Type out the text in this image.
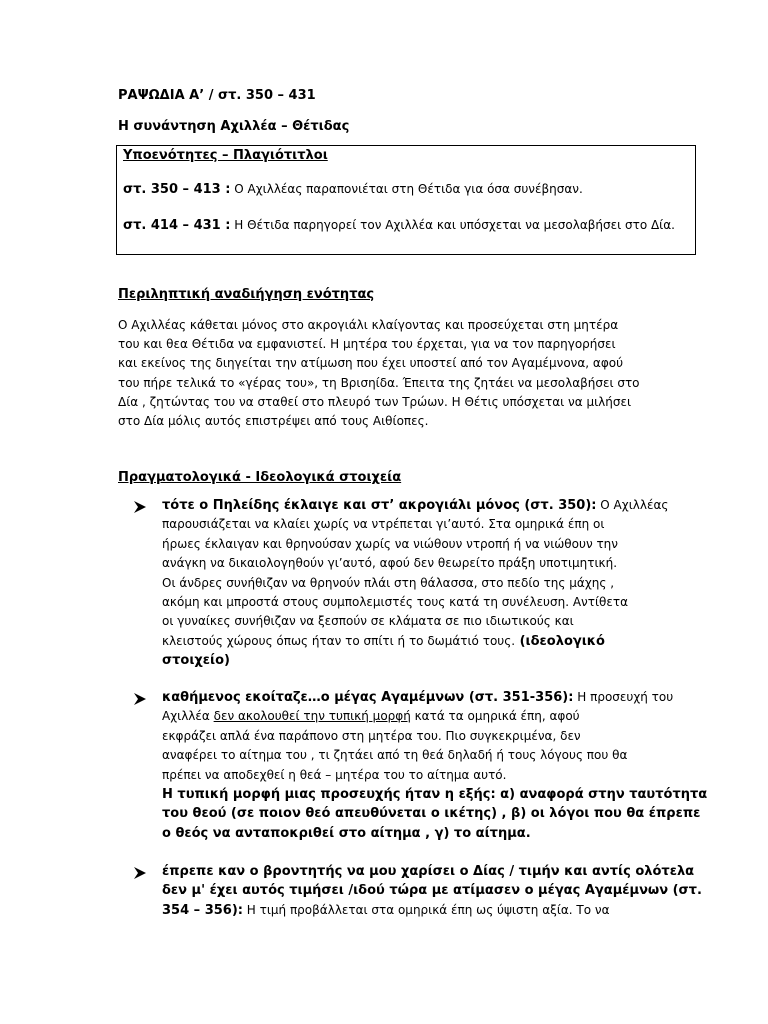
ΡΑΨΩΔΙΑ Α’ / στ. 350 – 431
Η συνάντηση Αχιλλέα – Θέτιδας
Υποενότητες – Πλαγιότιτλοι
στ. 350 – 413 : Ο Αχιλλέας παραπονιέται στη Θέτιδα για όσα συνέβησαν.
στ. 414 – 431 : Η Θέτιδα παρηγορεί τον Αχιλλέα και υπόσχεται να μεσολαβήσει στο Δία.
Περιληπτική αναδιήγηση ενότητας
Ο Αχιλλέας κάθεται μόνος στο ακρογιάλι κλαίγοντας και προσεύχεται στη μητέρα
του και θεα Θέτιδα να εμφανιστεί. Η μητέρα του έρχεται, για να τον παρηγορήσει
και εκείνος της διηγείται την ατίμωση που έχει υποστεί από τον Αγαμέμνονα, αφού
του πήρε τελικά το «γέρας του», τη Βρισηίδα. Έπειτα της ζητάει να μεσολαβήσει στο
Δία , ζητώντας του να σταθεί στο πλευρό των Τρώων. Η Θέτις υπόσχεται να μιλήσει
στο Δία μόλις αυτός επιστρέψει από τους Αιθίοπες.
Πραγματολογικά - Ιδεολογικά στοιχεία
τότε ο Πηλείδης έκλαιγε και στ’ ακρογιάλι μόνος (στ. 350): Ο Αχιλλέας
παρουσιάζεται να κλαίει χωρίς να ντρέπεται γι’αυτό. Στα ομηρικά έπη οι
ήρωες έκλαιγαν και θρηνούσαν χωρίς να νιώθουν ντροπή ή να νιώθουν την
ανάγκη να δικαιολογηθούν γι’αυτό, αφού δεν θεωρείτο πράξη υποτιμητική.
Οι άνδρες συνήθιζαν να θρηνούν πλάι στη θάλασσα, στο πεδίο της μάχης ,
ακόμη και μπροστά στους συμπολεμιστές τους κατά τη συνέλευση. Αντίθετα
οι γυναίκες συνήθιζαν να ξεσπούν σε κλάματα σε πιο ιδιωτικούς και
κλειστούς χώρους όπως ήταν το σπίτι ή το δωμάτιό τους. (ιδεολογικό
στοιχείο)
καθήμενος εκοίταζε…ο μέγας Αγαμέμνων (στ. 351-356): Η προσευχή του
Αχιλλέα δεν ακολουθεί την τυπική μορφή κατά τα ομηρικά έπη, αφού
εκφράζει απλά ένα παράπονο στη μητέρα του. Πιο συγκεκριμένα, δεν
αναφέρει το αίτημα του , τι ζητάει από τη θεά δηλαδή ή τους λόγους που θα
πρέπει να αποδεχθεί η θεά – μητέρα του το αίτημα αυτό.
Η τυπική μορφή μιας προσευχής ήταν η εξής: α) αναφορά στην ταυτότητα
του θεού (σε ποιον θεό απευθύνεται ο ικέτης) , β) οι λόγοι που θα έπρεπε
ο θεός να ανταποκριθεί στο αίτημα , γ) το αίτημα.
έπρεπε καν ο βροντητής να μου χαρίσει ο Δίας / τιμήν και αντίς ολότελα
δεν μ' έχει αυτός τιμήσει /ιδού τώρα με ατίμασεν ο μέγας Αγαμέμνων (στ.
354 – 356): Η τιμή προβάλλεται στα ομηρικά έπη ως ύψιστη αξία. Το να
